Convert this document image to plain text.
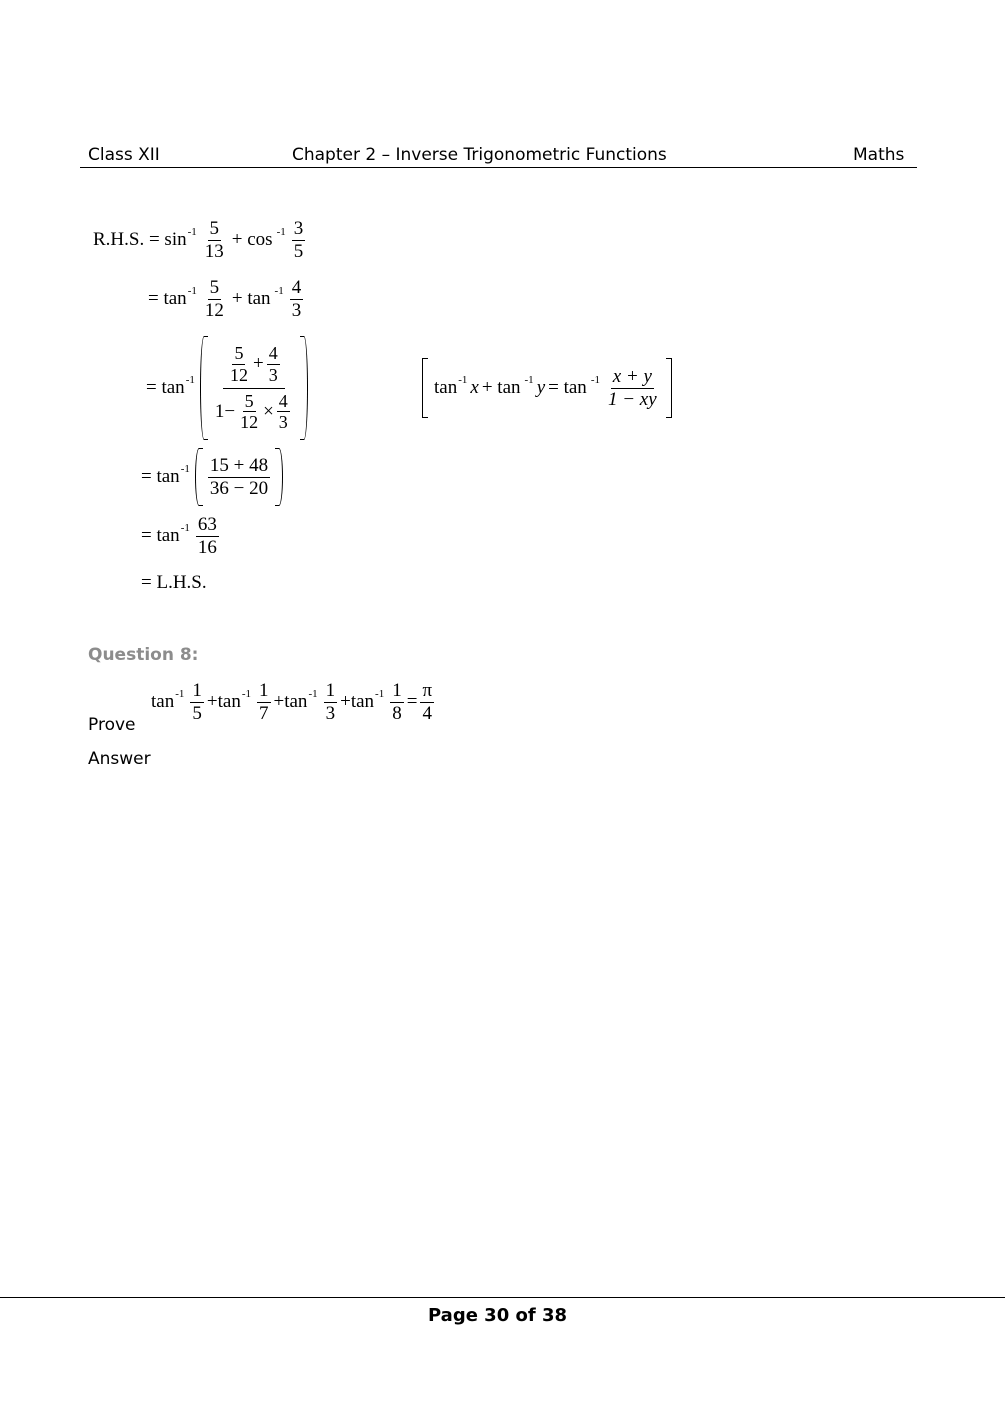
Class XII	Chapter 2 – Inverse Trigonometric Functions	Maths
R.H.S. = $\sin -1 \frac{5}{13} + \cos -1 \frac{3}{5}$
= $\tan -1 \frac{5}{12} + \tan -1 \frac{4}{3}$
= $\tan -1 \frac{\frac{5}{12} + \frac{4}{3}}{1- \frac{5}{12} \times \frac{4}{3}}$	tan -1 x + tan -1 $y = \tan -1 \frac{x + y}{1 - xy}$
= $\tan -1 \frac{15 + 48}{36 - 20}$
= $\tan -1 \frac{63}{16}$
= L.H.S.
Question 8:
$\tan -1 \frac{1}{5} + \tan -1 \frac{1}{7} + \tan -1 \frac{1}{3} + \tan -1 \frac{1}{8} = \frac{\pi}{4}$
Prove
Answer
Page 30 of 38
